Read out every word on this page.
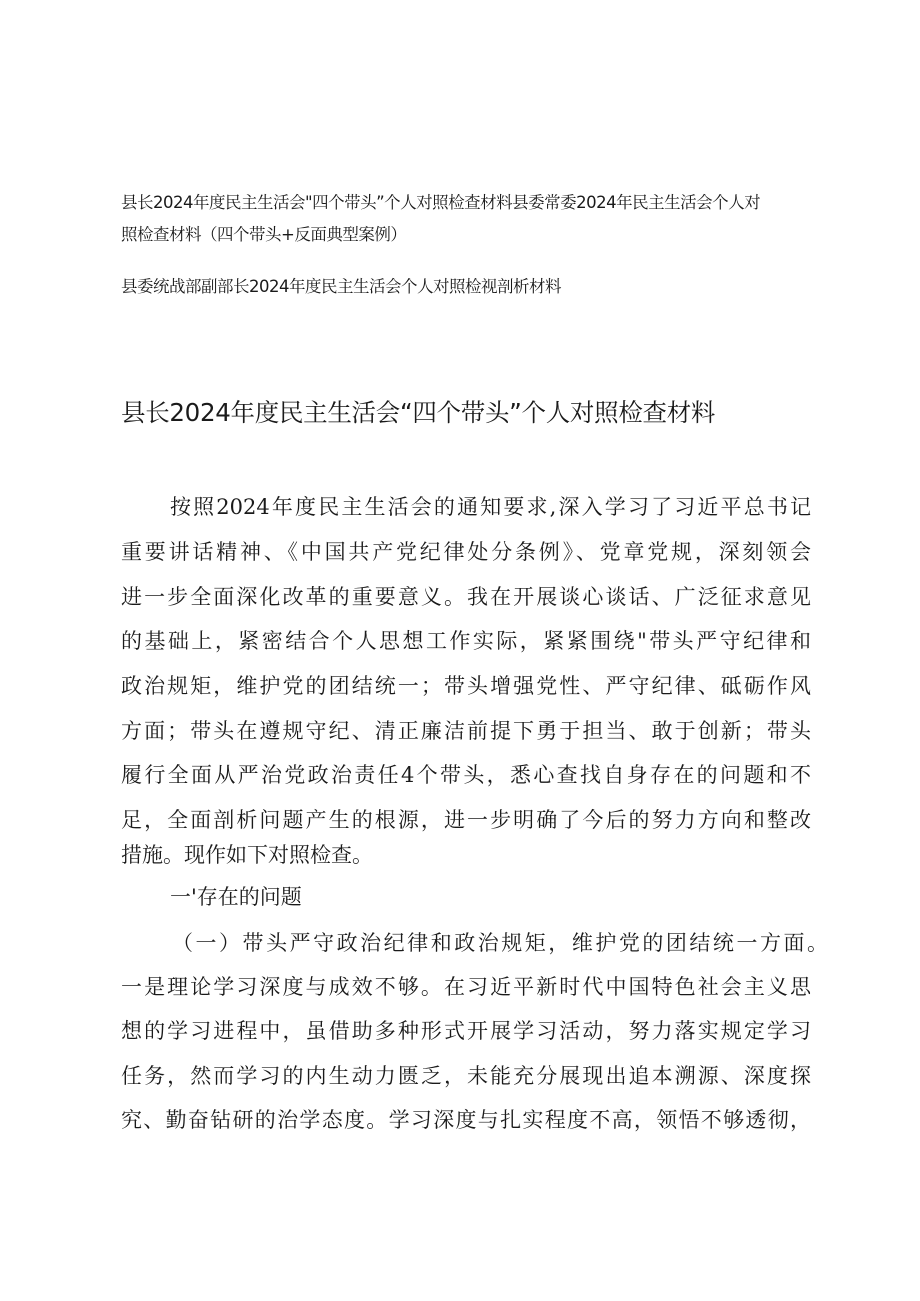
县长2024年度民主生活会"四个带头”个人对照检查材料县委常委2024年民主生活会个人对

照检查材料（四个带头+反面典型案例）

县委统战部副部长2024年度民主生活会个人对照检视剖析材料

县长2024年度民主生活会“四个带头”个人对照检查材料

按照2024年度民主生活会的通知要求,深入学习了习近平总书记

重要讲话精神、《中国共产党纪律处分条例》、党章党规，深刻领会

进一步全面深化改革的重要意义。我在开展谈心谈话、广泛征求意见

的基础上，紧密结合个人思想工作实际，紧紧围绕"带头严守纪律和

政治规矩，维护党的团结统一；带头增强党性、严守纪律、砥砺作风

方面；带头在遵规守纪、清正廉洁前提下勇于担当、敢于创新；带头

履行全面从严治党政治责任4个带头，悉心查找自身存在的问题和不

足，全面剖析问题产生的根源，进一步明确了今后的努力方向和整改

措施。现作如下对照检查。

一'存在的问题

（一）带头严守政治纪律和政治规矩，维护党的团结统一方面。

一是理论学习深度与成效不够。在习近平新时代中国特色社会主义思

想的学习进程中，虽借助多种形式开展学习活动，努力落实规定学习

任务，然而学习的内生动力匮乏，未能充分展现出追本溯源、深度探

究、勤奋钻研的治学态度。学习深度与扎实程度不高，领悟不够透彻，
